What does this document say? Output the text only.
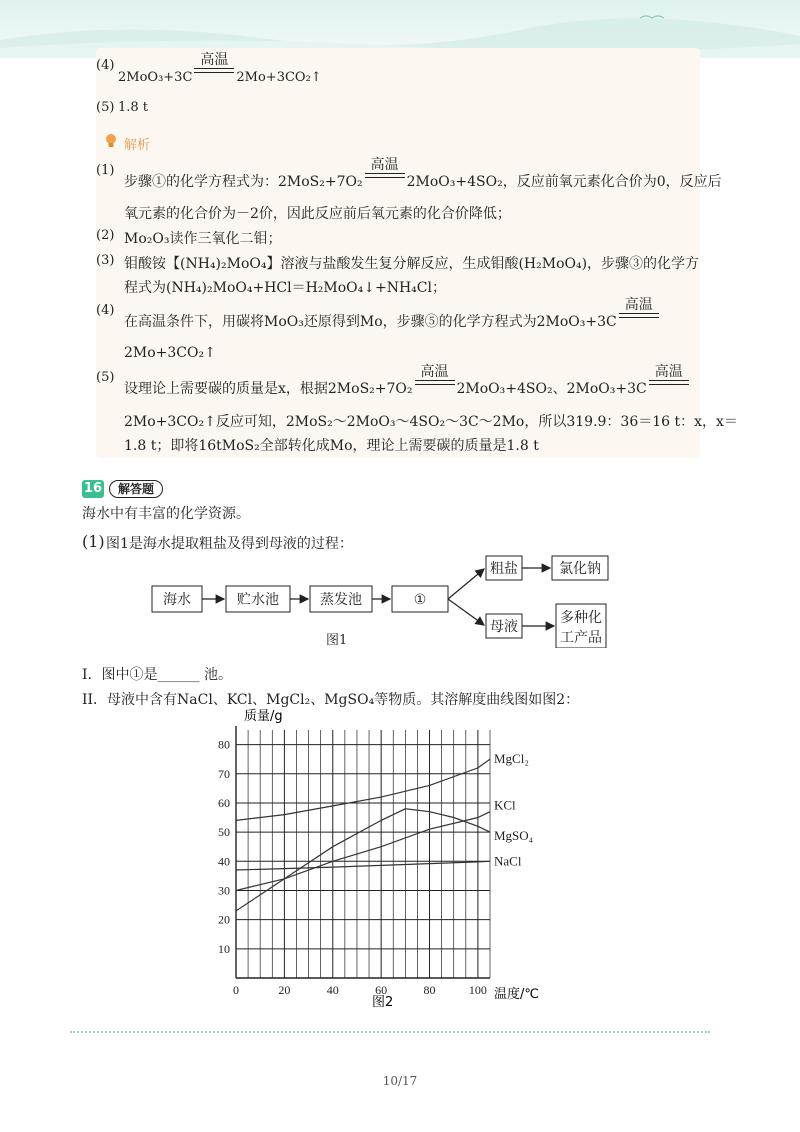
(4)
2MoO₃+3C
高温
2Mo+3CO₂↑
(5) 1.8 t
解析
(1)
步骤①的化学方程式为：2MoS₂+7O₂
高温
2MoO₃+4SO₂，反应前氧元素化合价为0，反应后
氧元素的化合价为－2价，因此反应前后氧元素的化合价降低；
(2) Mo₂O₃读作三氧化二钼；
(3) 钼酸铵【(NH₄)₂MoO₄】溶液与盐酸发生复分解反应，生成钼酸(H₂MoO₄)，步骤③的化学方
程式为(NH₄)₂MoO₄+HCl＝H₂MoO₄↓+NH₄Cl；
(4)
在高温条件下，用碳将MoO₃还原得到Mo，步骤⑤的化学方程式为2MoO₃+3C
高温
2Mo+3CO₂↑
(5)
设理论上需要碳的质量是x，根据2MoS₂+7O₂
高温
2MoO₃+4SO₂、2MoO₃+3C
高温
2Mo+3CO₂↑反应可知，2MoS₂～2MoO₃～4SO₂～3C～2Mo，所以319.9：36＝16 t：x，x＝
1.8 t；即将16tMoS₂全部转化成Mo，理论上需要碳的质量是1.8 t
16	解答题
海水中有丰富的化学资源。
(1) 图1是海水提取粗盐及得到母液的过程：
海水	贮水池	蒸发池	①
粗盐	氯化钠
母液
多种化
工产品
图1
I．图中①是______ 池。
II．母液中含有NaCl、KCl、MgCl₂、MgSO₄等物质。其溶解度曲线图如图2：
0	20	40	60	80	100
10
20
30
40
50
60
70
80
MgCl₂
KCl
MgSO₄
NaCl
质量/g
温度/℃
图2
10/17
